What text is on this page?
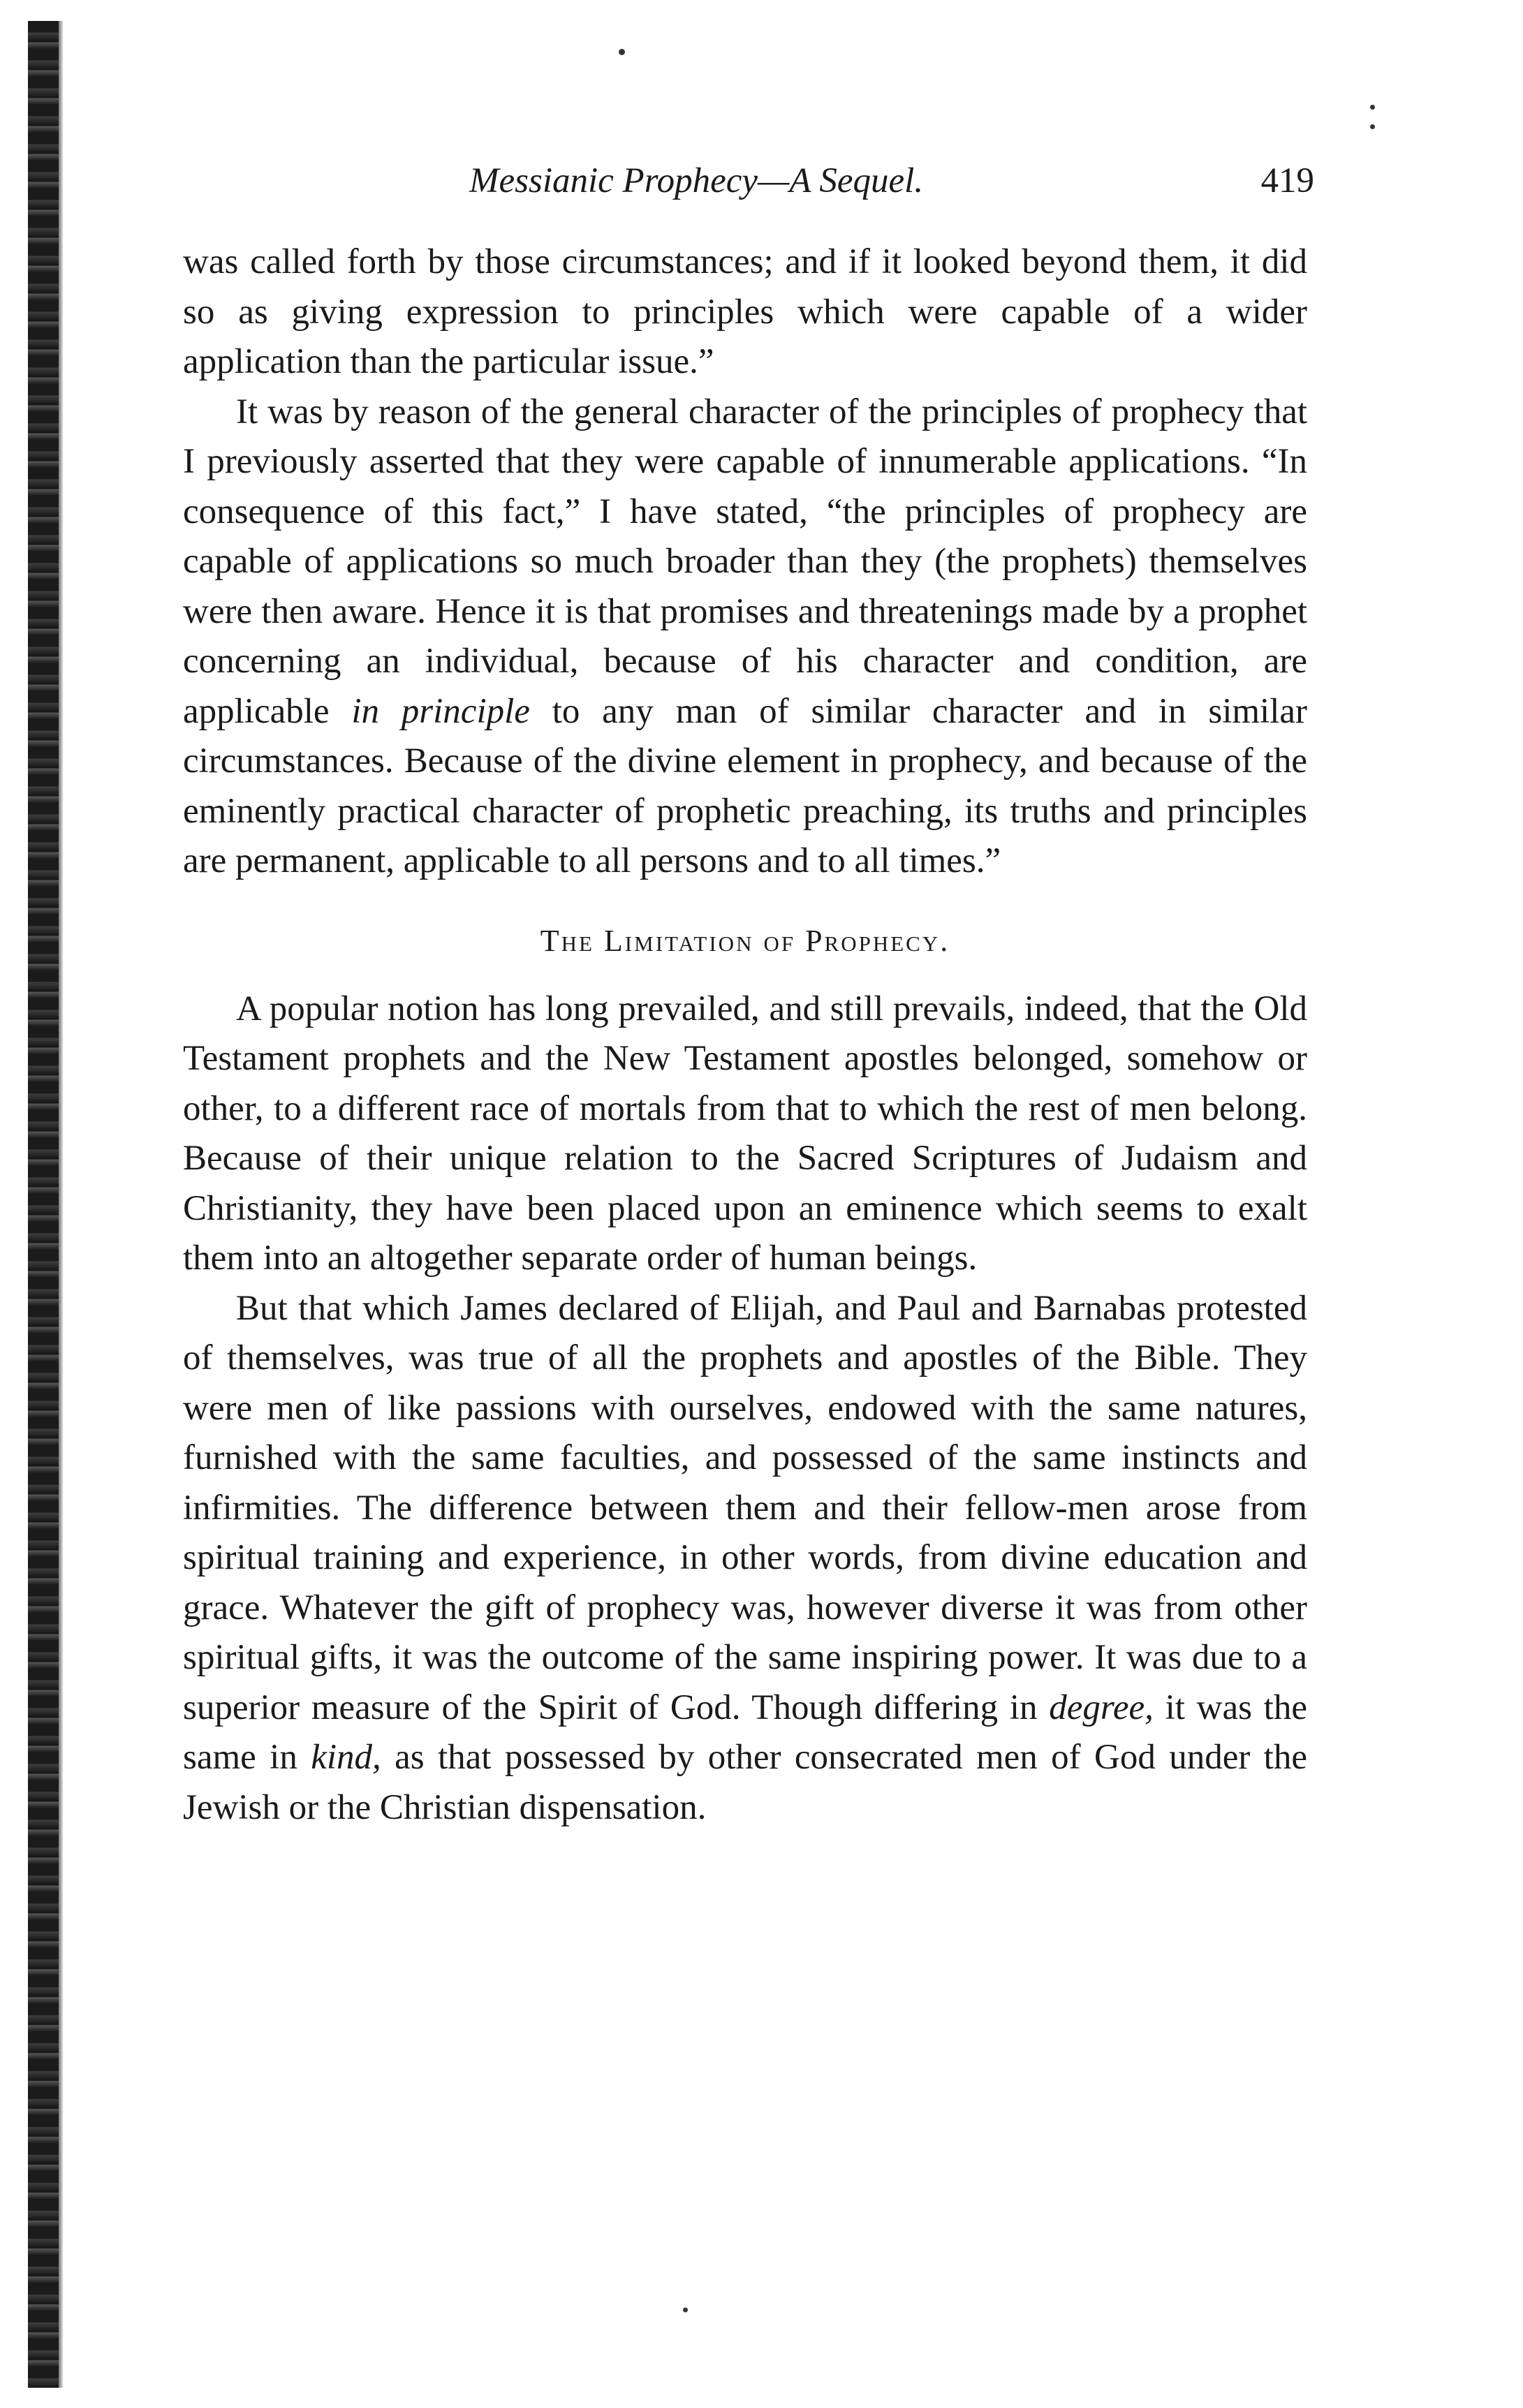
Messianic Prophecy—A Sequel.	419

was called forth by those circumstances; and if it looked beyond them, it did so as giving expression to principles which were capable of a wider application than the particular issue.”

It was by reason of the general character of the principles of prophecy that I previously asserted that they were capable of innumerable applications. “In consequence of this fact,” I have stated, “the principles of prophecy are capable of applications so much broader than they (the prophets) themselves were then aware. Hence it is that promises and threatenings made by a prophet concerning an individual, because of his character and condition, are applicable in principle to any man of similar character and in similar circumstances. Because of the divine element in prophecy, and because of the eminently practical character of prophetic preaching, its truths and principles are permanent, applicable to all persons and to all times.”

The Limitation of Prophecy.

A popular notion has long prevailed, and still prevails, indeed, that the Old Testament prophets and the New Testament apostles belonged, somehow or other, to a different race of mortals from that to which the rest of men belong. Because of their unique relation to the Sacred Scriptures of Judaism and Christianity, they have been placed upon an eminence which seems to exalt them into an altogether separate order of human beings.

But that which James declared of Elijah, and Paul and Barnabas protested of themselves, was true of all the prophets and apostles of the Bible. They were men of like passions with ourselves, endowed with the same natures, furnished with the same faculties, and possessed of the same instincts and infirmities. The difference between them and their fellow-men arose from spiritual training and experience, in other words, from divine education and grace. Whatever the gift of prophecy was, however diverse it was from other spiritual gifts, it was the outcome of the same inspiring power. It was due to a superior measure of the Spirit of God. Though differing in degree, it was the same in kind, as that possessed by other consecrated men of God under the Jewish or the Christian dispensation.
